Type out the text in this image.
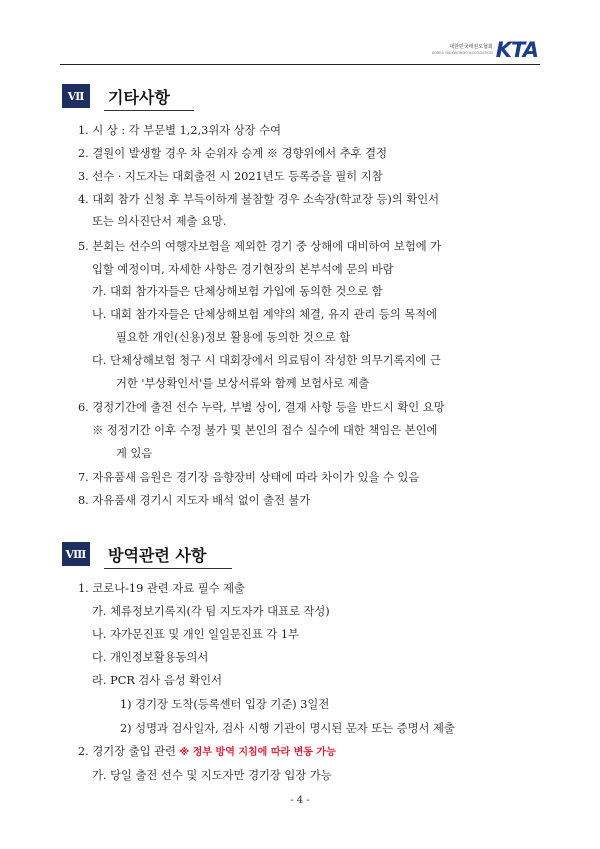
대한민국태권도협회
KOREA TAEKWONDO ASSOCIATION KTA
Ⅶ	기타사항
1. 시 상 : 각 부문별 1,2,3위자 상장 수여
2. 결원이 발생할 경우 차 순위자 승계 ※ 경향위에서 추후 결정
3. 선수 · 지도자는 대회출전 시 2021년도 등록증을 필히 지참
4. 대회 참가 신청 후 부득이하게 불참할 경우 소속장(학교장 등)의 확인서
또는 의사진단서 제출 요망.
5. 본회는 선수의 여행자보험을 제외한 경기 중 상해에 대비하여 보험에 가
입할 예정이며, 자세한 사항은 경기현장의 본부석에 문의 바람
가. 대회 참가자들은 단체상해보험 가입에 동의한 것으로 함
나. 대회 참가자들은 단체상해보험 계약의 체결, 유지 관리 등의 목적에
필요한 개인(신용)정보 활용에 동의한 것으로 함
다. 단체상해보험 청구 시 대회장에서 의료팀이 작성한 의무기록지에 근
거한 '부상확인서'를 보상서류와 함께 보험사로 제출
6. 경정기간에 출전 선수 누락, 부별 상이, 결재 사항 등을 반드시 확인 요망
※ 정정기간 이후 수정 불가 및 본인의 접수 실수에 대한 책임은 본인에
게 있음
7. 자유품새 음원은 경기장 음향장비 상태에 따라 차이가 있을 수 있음
8. 자유품새 경기시 지도자 배석 없이 출전 불가
Ⅷ 방역관련 사항
1. 코로나-19 관련 자료 필수 제출
가. 체류정보기록지(각 팀 지도자가 대표로 작성)
나. 자가문진표 및 개인 일일문진표 각 1부
다. 개인정보활용동의서
라. PCR 검사 음성 확인서
1) 경기장 도착(등록센터 입장 기준) 3일전
2) 성명과 검사일자, 검사 시행 기관이 명시된 문자 또는 증명서 제출
2. 경기장 출입 관련 ※ 정부 방역 지침에 따라 변동 가능
가. 당일 출전 선수 및 지도자만 경기장 입장 가능
- 4 -
